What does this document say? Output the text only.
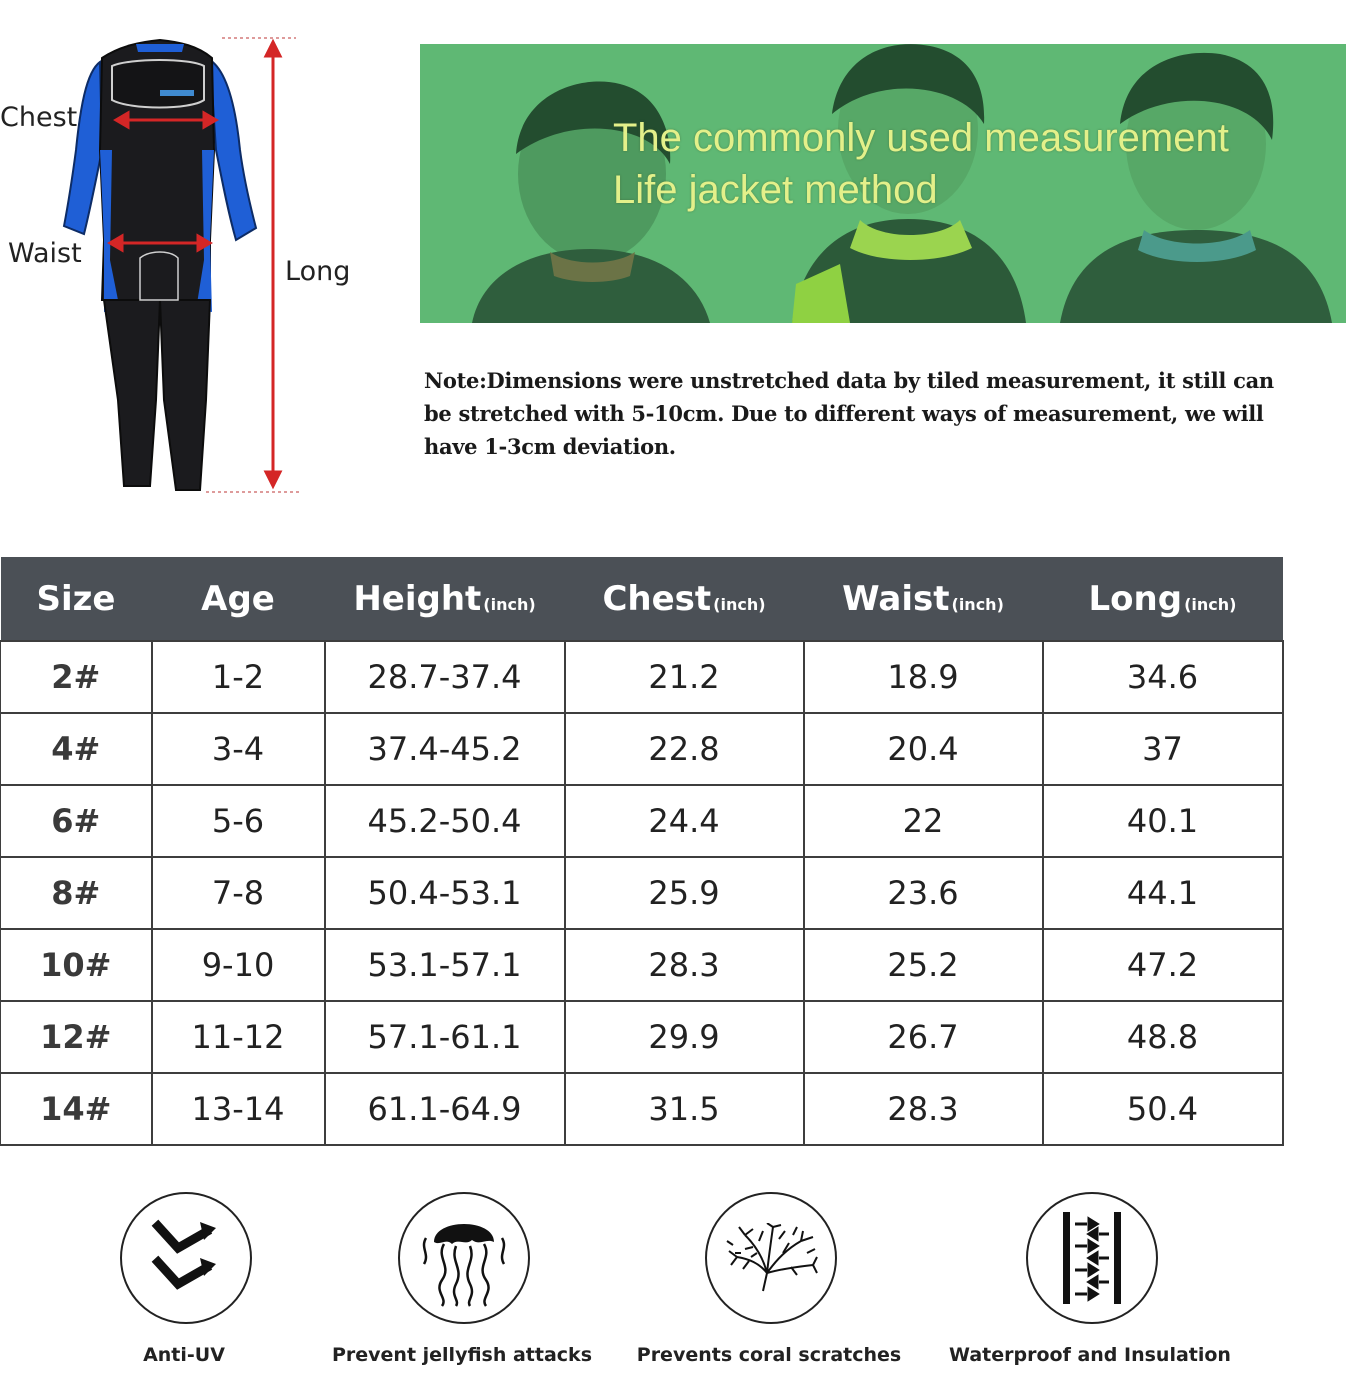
Chest
Waist
Long
The commonly used measurement
Life jacket method
Note:Dimensions were unstretched data by tiled measurement, it still can be stretched with 5-10cm. Due to different ways of measurement, we will have 1-3cm deviation.
Size	Age	Height (inch)	Chest (inch)	Waist (inch)	Long (inch)
2#	1-2	28.7-37.4	21.2	18.9	34.6
4#	3-4	37.4-45.2	22.8	20.4	37
6#	5-6	45.2-50.4	24.4	22	40.1
8#	7-8	50.4-53.1	25.9	23.6	44.1
10#	9-10	53.1-57.1	28.3	25.2	47.2
12#	11-12	57.1-61.1	29.9	26.7	48.8
14#	13-14	61.1-64.9	31.5	28.3	50.4
Anti-UV	Prevent jellyfish attacks	Prevents coral scratches	Waterproof and Insulation
